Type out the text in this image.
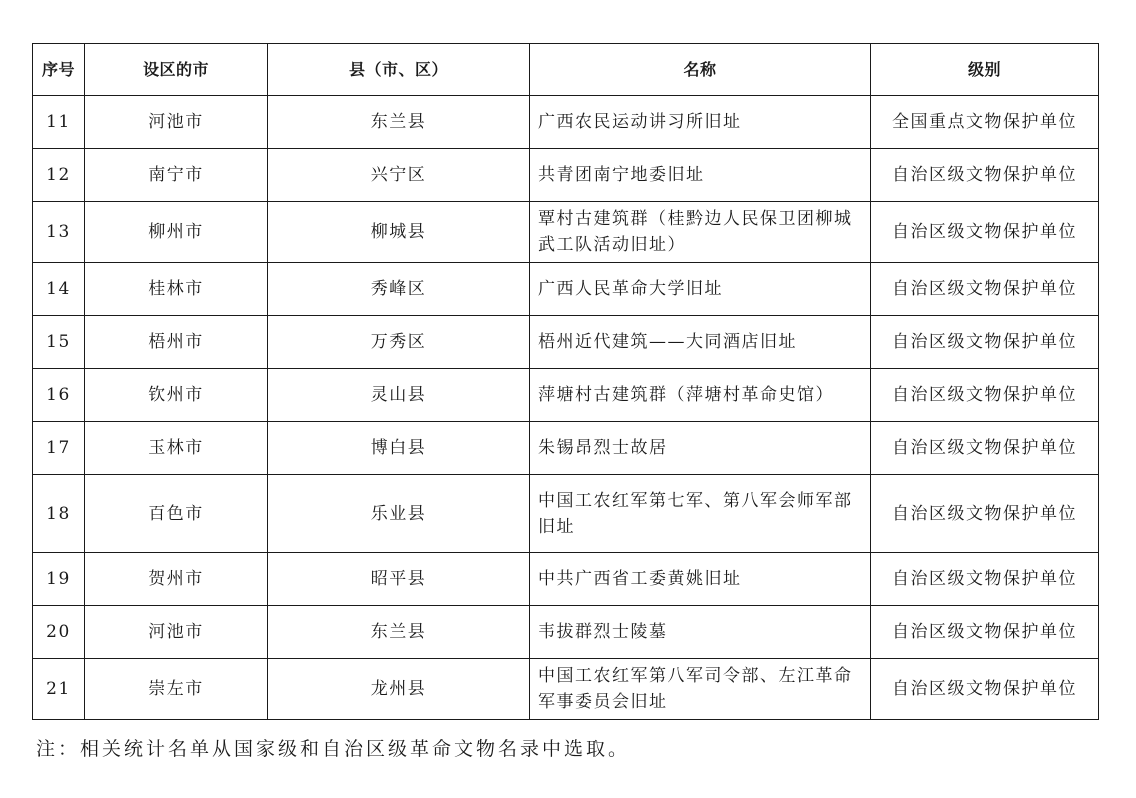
序号	设区的市	县（市、区）	名称	级别
11	河池市	东兰县	广西农民运动讲习所旧址	全国重点文物保护单位
12	南宁市	兴宁区	共青团南宁地委旧址	自治区级文物保护单位
13	柳州市	柳城县	覃村古建筑群（桂黔边人民保卫团柳城武工队活动旧址）	自治区级文物保护单位
14	桂林市	秀峰区	广西人民革命大学旧址	自治区级文物保护单位
15	梧州市	万秀区	梧州近代建筑——大同酒店旧址	自治区级文物保护单位
16	钦州市	灵山县	萍塘村古建筑群（萍塘村革命史馆）	自治区级文物保护单位
17	玉林市	博白县	朱锡昂烈士故居	自治区级文物保护单位
18	百色市	乐业县	中国工农红军第七军、第八军会师军部旧址	自治区级文物保护单位
19	贺州市	昭平县	中共广西省工委黄姚旧址	自治区级文物保护单位
20	河池市	东兰县	韦拔群烈士陵墓	自治区级文物保护单位
21	崇左市	龙州县	中国工农红军第八军司令部、左江革命军事委员会旧址	自治区级文物保护单位
注：相关统计名单从国家级和自治区级革命文物名录中选取。
